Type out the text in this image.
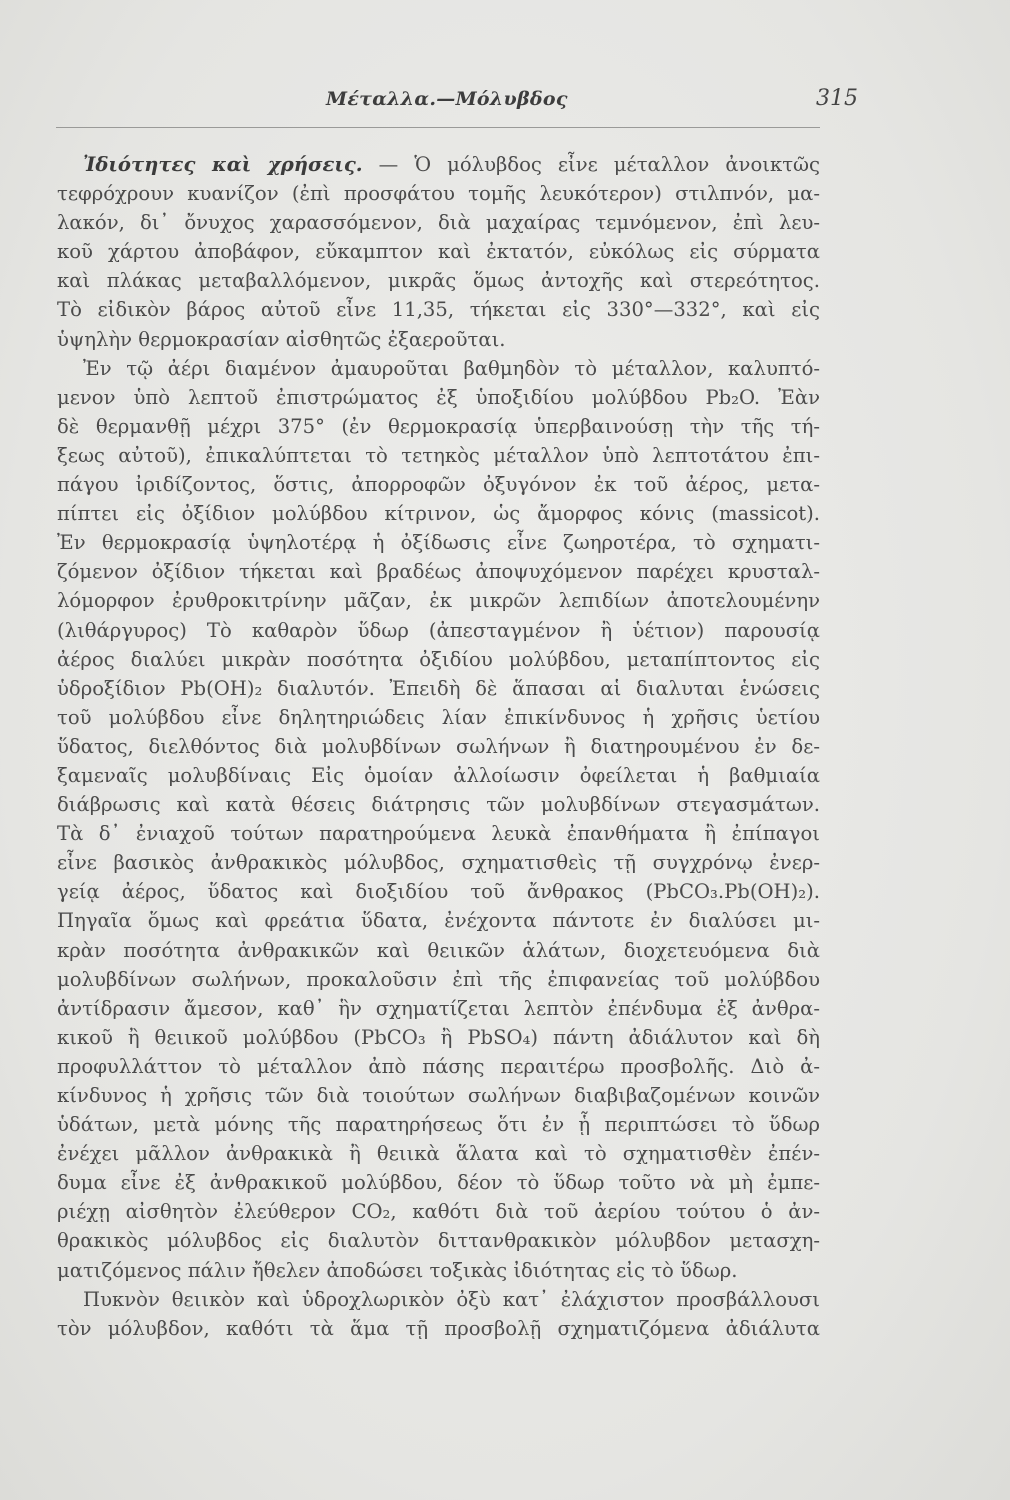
Μέταλλα.—Μόλυβδος	315
Ἰδιότητες καὶ χρήσεις. — Ὁ μόλυβδος εἶνε μέταλλον ἀνοικτῶς
τεφρόχρουν κυανίζον (ἐπὶ προσφάτου τομῆς λευκότερον) στιλπνόν, μα-
λακόν, δι᾽ ὄνυχος χαρασσόμενον, διὰ μαχαίρας τεμνόμενον, ἐπὶ λευ-
κοῦ χάρτου ἀποβάφον, εὔκαμπτον καὶ ἐκτατόν, εὐκόλως εἰς σύρματα
καὶ πλάκας μεταβαλλόμενον, μικρᾶς ὅμως ἀντοχῆς καὶ στερεότητος.
Τὸ εἰδικὸν βάρος αὐτοῦ εἶνε 11,35, τήκεται εἰς 330°—332°, καὶ εἰς
ὑψηλὴν θερμοκρασίαν αἰσθητῶς ἐξαεροῦται.
Ἐν τῷ ἀέρι διαμένον ἀμαυροῦται βαθμηδὸν τὸ μέταλλον, καλυπτό-
μενον ὑπὸ λεπτοῦ ἐπιστρώματος ἐξ ὑποξιδίου μολύβδου Pb₂O. Ἐὰν
δὲ θερμανθῇ μέχρι 375° (ἐν θερμοκρασίᾳ ὑπερβαινούσῃ τὴν τῆς τή-
ξεως αὐτοῦ), ἐπικαλύπτεται τὸ τετηκὸς μέταλλον ὑπὸ λεπτοτάτου ἐπι-
πάγου ἰριδίζοντος, ὅστις, ἀπορροφῶν ὀξυγόνον ἐκ τοῦ ἀέρος, μετα-
πίπτει εἰς ὀξίδιον μολύβδου κίτρινον, ὡς ἄμορφος κόνις (massicot).
Ἐν θερμοκρασίᾳ ὑψηλοτέρᾳ ἡ ὀξίδωσις εἶνε ζωηροτέρα, τὸ σχηματι-
ζόμενον ὀξίδιον τήκεται καὶ βραδέως ἀποψυχόμενον παρέχει κρυσταλ-
λόμορφον ἐρυθροκιτρίνην μᾶζαν, ἐκ μικρῶν λεπιδίων ἀποτελουμένην
(λιθάργυρος) Τὸ καθαρὸν ὕδωρ (ἀπεσταγμένον ἢ ὑέτιον) παρουσίᾳ
ἀέρος διαλύει μικρὰν ποσότητα ὀξιδίου μολύβδου, μεταπίπτοντος εἰς
ὑδροξίδιον Pb(OH)₂ διαλυτόν. Ἐπειδὴ δὲ ἅπασαι αἱ διαλυται ἑνώσεις
τοῦ μολύβδου εἶνε δηλητηριώδεις λίαν ἐπικίνδυνος ἡ χρῆσις ὑετίου
ὕδατος, διελθόντος διὰ μολυβδίνων σωλήνων ἢ διατηρουμένου ἐν δε-
ξαμεναῖς μολυβδίναις Εἰς ὁμοίαν ἀλλοίωσιν ὀφείλεται ἡ βαθμιαία
διάβρωσις καὶ κατὰ θέσεις διάτρησις τῶν μολυβδίνων στεγασμάτων.
Τὰ δ᾽ ἐνιαχοῦ τούτων παρατηρούμενα λευκὰ ἐπανθήματα ἢ ἐπίπαγοι
εἶνε βασικὸς ἀνθρακικὸς μόλυβδος, σχηματισθεὶς τῇ συγχρόνῳ ἐνερ-
γείᾳ ἀέρος, ὕδατος καὶ διοξιδίου τοῦ ἄνθρακος (PbCO₃.Pb(OH)₂).
Πηγαῖα ὅμως καὶ φρεάτια ὕδατα, ἐνέχοντα πάντοτε ἐν διαλύσει μι-
κρὰν ποσότητα ἀνθρακικῶν καὶ θειικῶν ἁλάτων, διοχετευόμενα διὰ
μολυβδίνων σωλήνων, προκαλοῦσιν ἐπὶ τῆς ἐπιφανείας τοῦ μολύβδου
ἀντίδρασιν ἄμεσον, καθ᾽ ἣν σχηματίζεται λεπτὸν ἐπένδυμα ἐξ ἀνθρα-
κικοῦ ἢ θειικοῦ μολύβδου (PbCO₃ ἢ PbSO₄) πάντη ἀδιάλυτον καὶ δὴ
προφυλλάττον τὸ μέταλλον ἀπὸ πάσης περαιτέρω προσβολῆς. Διὸ ἀ-
κίνδυνος ἡ χρῆσις τῶν διὰ τοιούτων σωλήνων διαβιβαζομένων κοινῶν
ὑδάτων, μετὰ μόνης τῆς παρατηρήσεως ὅτι ἐν ᾗ περιπτώσει τὸ ὕδωρ
ἐνέχει μᾶλλον ἀνθρακικὰ ἢ θειικὰ ἅλατα καὶ τὸ σχηματισθὲν ἐπέν-
δυμα εἶνε ἐξ ἀνθρακικοῦ μολύβδου, δέον τὸ ὕδωρ τοῦτο νὰ μὴ ἐμπε-
ριέχῃ αἰσθητὸν ἐλεύθερον CO₂, καθότι διὰ τοῦ ἀερίου τούτου ὁ ἀν-
θρακικὸς μόλυβδος εἰς διαλυτὸν διττανθρακικὸν μόλυβδον μετασχη-
ματιζόμενος πάλιν ἤθελεν ἀποδώσει τοξικὰς ἰδιότητας εἰς τὸ ὕδωρ.
Πυκνὸν θειικὸν καὶ ὑδροχλωρικὸν ὀξὺ κατ᾽ ἐλάχιστον προσβάλλουσι
τὸν μόλυβδον, καθότι τὰ ἅμα τῇ προσβολῇ σχηματιζόμενα ἀδιάλυτα
